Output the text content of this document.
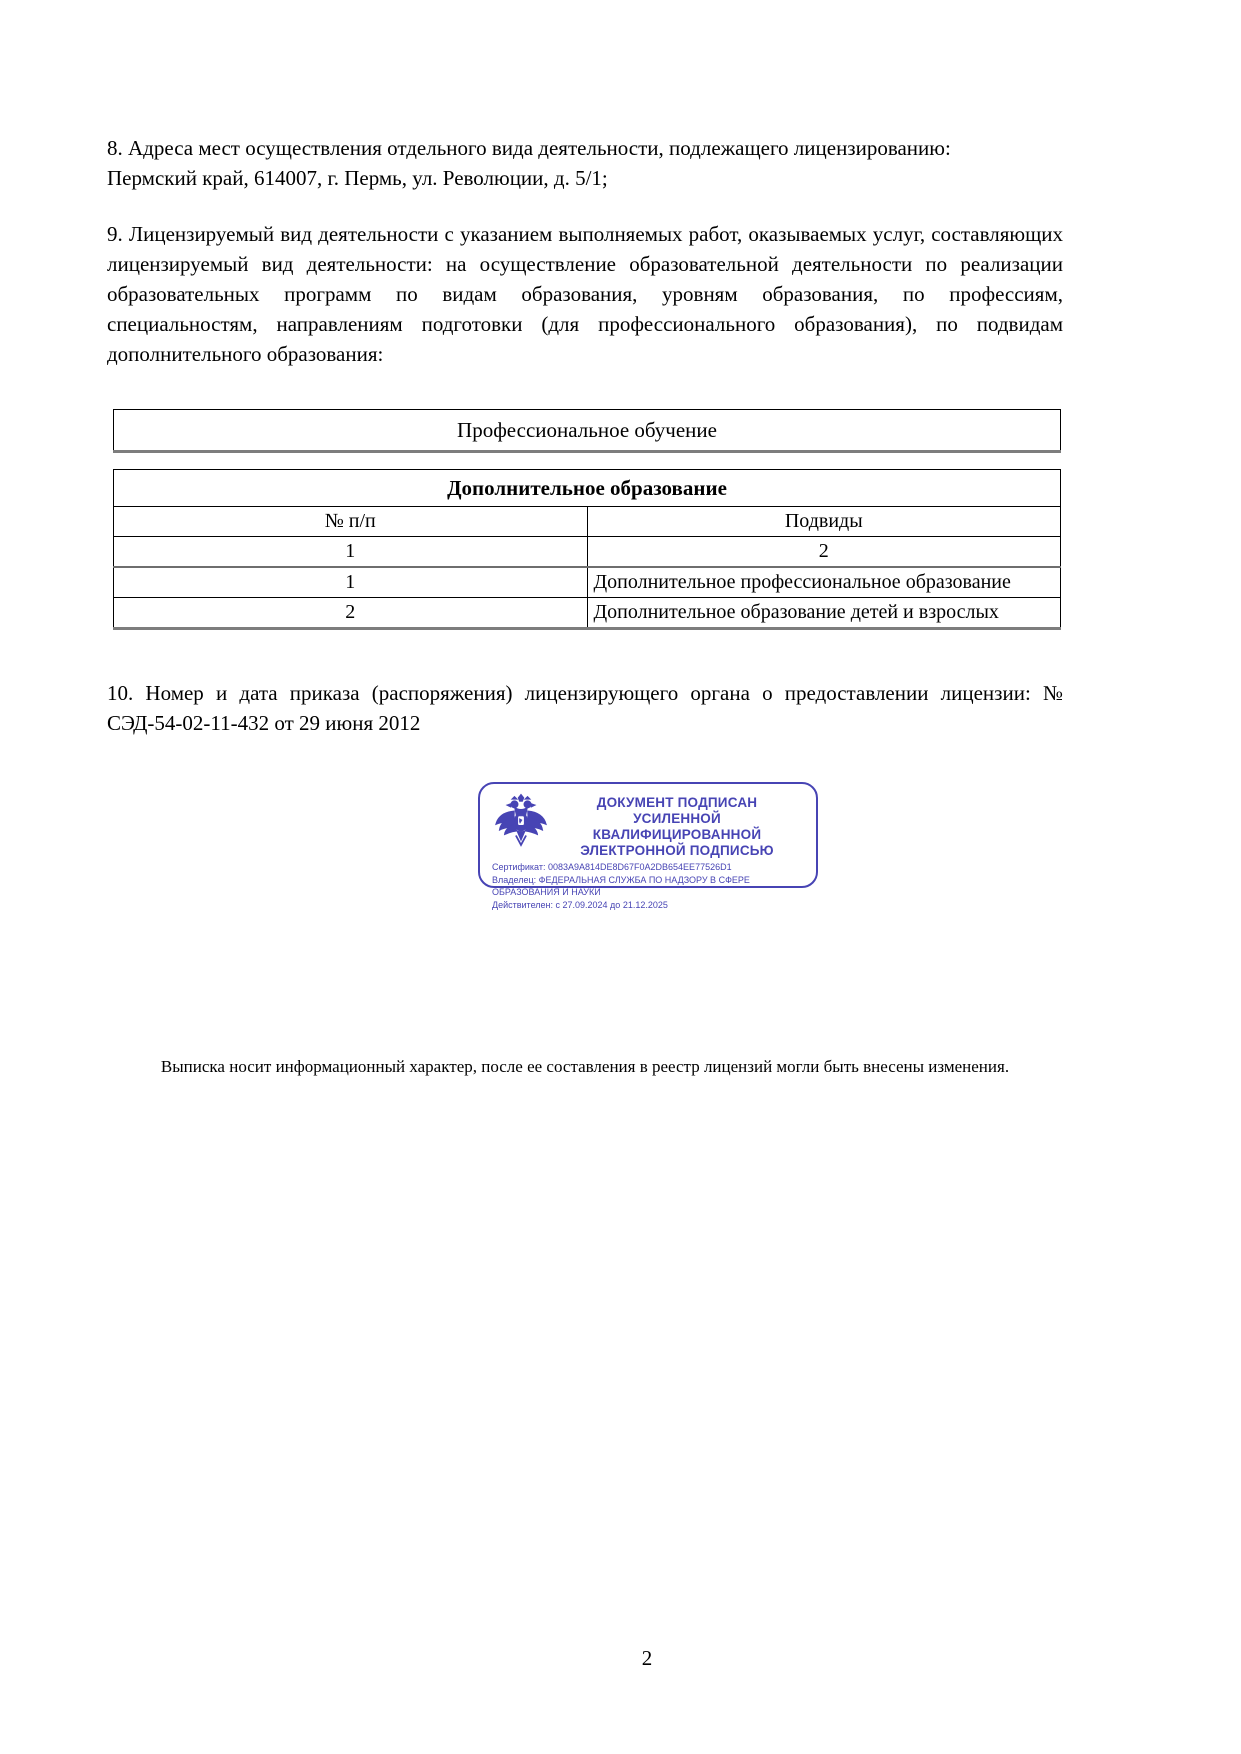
8. Адреса мест осуществления отдельного вида деятельности, подлежащего лицензированию:
Пермский край, 614007, г. Пермь, ул. Революции, д. 5/1;

9. Лицензируемый вид деятельности с указанием выполняемых работ, оказываемых услуг, составляющих лицензируемый вид деятельности: на осуществление образовательной деятельности по реализации образовательных программ по видам образования, уровням образования, по профессиям, специальностям, направлениям подготовки (для профессионального образования), по подвидам дополнительного образования:

Профессиональное обучение
Дополнительное образование	
№ п/п	Подвиды
1	2
1	Дополнительное профессиональное образование
2	Дополнительное образование детей и взрослых

10. Номер и дата приказа (распоряжения) лицензирующего органа о предоставлении лицензии: № СЭД-54-02-11-432 от 29 июня 2012

ДОКУМЕНТ ПОДПИСАН
УСИЛЕННОЙ КВАЛИФИЦИРОВАННОЙ
ЭЛЕКТРОННОЙ ПОДПИСЬЮ
Сертификат: 0083A9A814DE8D67F0A2DB654EE77526D1
Владелец: ФЕДЕРАЛЬНАЯ СЛУЖБА ПО НАДЗОРУ В СФЕРЕ ОБРАЗОВАНИЯ И НАУКИ
Действителен: с 27.09.2024 до 21.12.2025
Выписка носит информационный характер, после ее составления в реестр лицензий могли быть внесены изменения.
2
